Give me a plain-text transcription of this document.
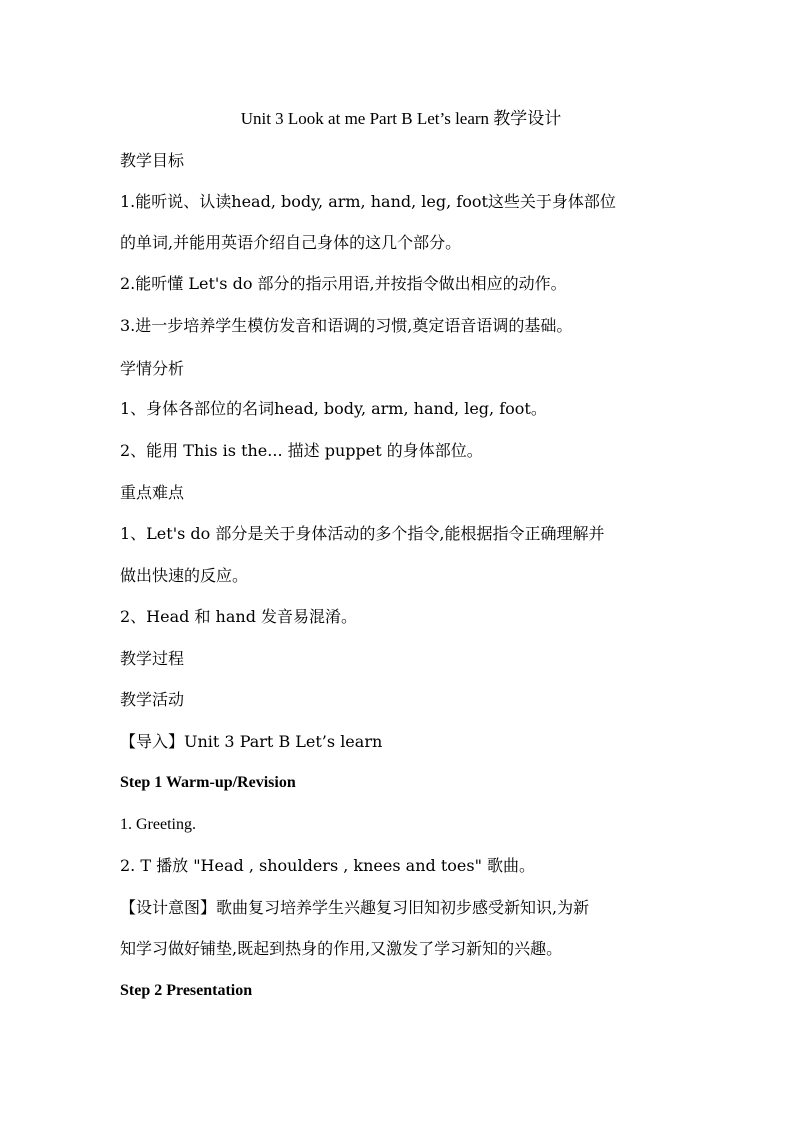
Unit 3 Look at me Part B Let’s learn 教学设计
教学目标
1.能听说、认读head, body, arm, hand, leg, foot这些关于身体部位
的单词,并能用英语介绍自己身体的这几个部分。
2.能听懂 Let's do 部分的指示用语,并按指令做出相应的动作。
3.进一步培养学生模仿发音和语调的习惯,奠定语音语调的基础。
学情分析
1、身体各部位的名词head, body, arm, hand, leg, foot。
2、能用 This is the... 描述 puppet 的身体部位。
重点难点
1、Let's do 部分是关于身体活动的多个指令,能根据指令正确理解并
做出快速的反应。
2、Head 和 hand 发音易混淆。
教学过程
教学活动
【导入】Unit 3 Part B Let’s learn
Step 1 Warm-up/Revision
1. Greeting.
2. T 播放 "Head , shoulders , knees and toes" 歌曲。
【设计意图】歌曲复习培养学生兴趣复习旧知初步感受新知识,为新
知学习做好铺垫,既起到热身的作用,又激发了学习新知的兴趣。
Step 2 Presentation
